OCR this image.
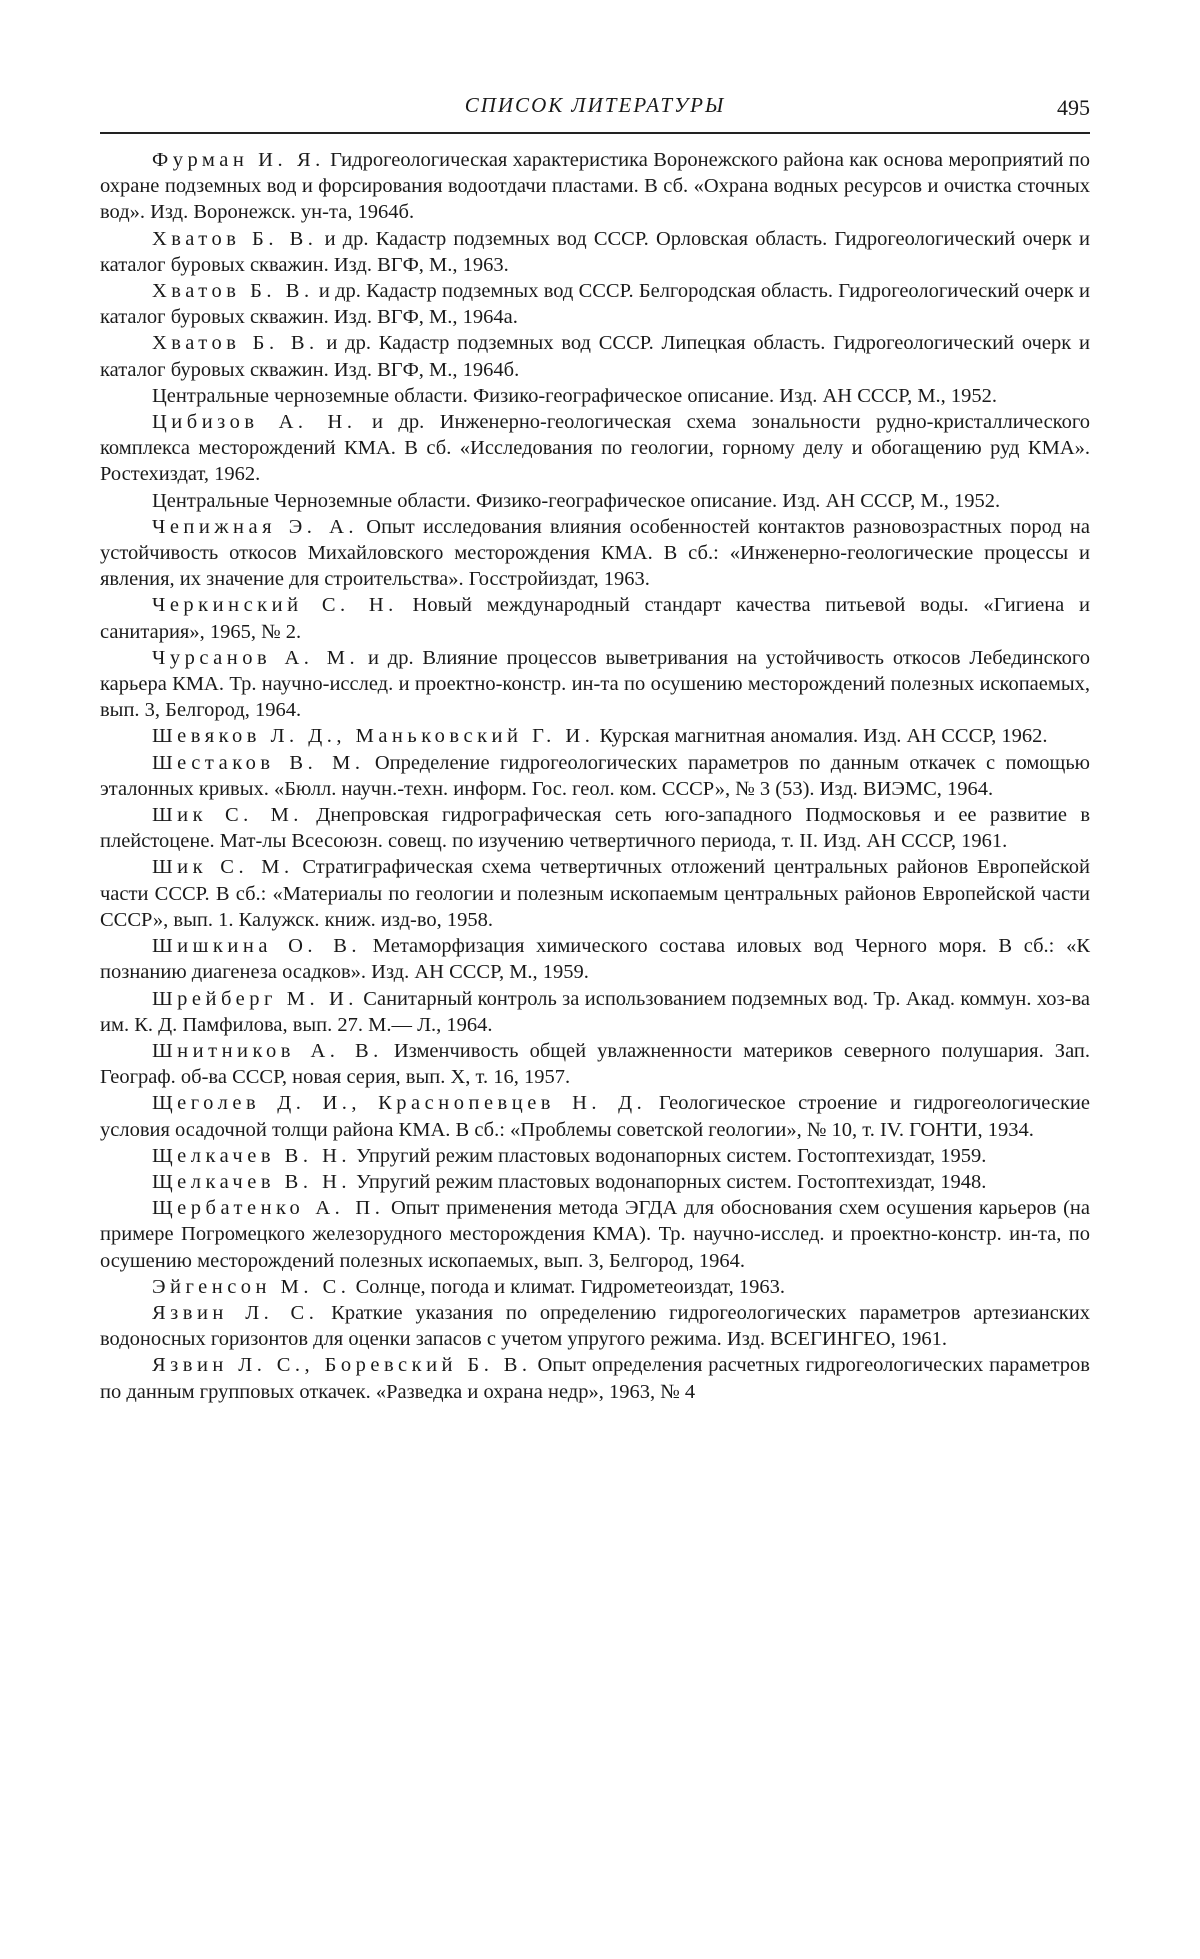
СПИСОК ЛИТЕРАТУРЫ	495
Фурман И. Я. Гидрогеологическая характеристика Воронежского района как основа мероприятий по охране подземных вод и форсирования водоотдачи пластами. В сб. «Охрана водных ресурсов и очистка сточных вод». Изд. Воронежск. ун-та, 1964б.
Хватов Б. В. и др. Кадастр подземных вод СССР. Орловская область. Гидрогеологический очерк и каталог буровых скважин. Изд. ВГФ, М., 1963.
Хватов Б. В. и др. Кадастр подземных вод СССР. Белгородская область. Гидрогеологический очерк и каталог буровых скважин. Изд. ВГФ, М., 1964а.
Хватов Б. В. и др. Кадастр подземных вод СССР. Липецкая область. Гидрогеологический очерк и каталог буровых скважин. Изд. ВГФ, М., 1964б.
Центральные черноземные области. Физико-географическое описание. Изд. АН СССР, М., 1952.
Цибизов А. Н. и др. Инженерно-геологическая схема зональности рудно-кристаллического комплекса месторождений КМА. В сб. «Исследования по геологии, горному делу и обогащению руд КМА». Ростехиздат, 1962.
Центральные Черноземные области. Физико-географическое описание. Изд. АН СССР, М., 1952.
Чепижная Э. А. Опыт исследования влияния особенностей контактов разновозрастных пород на устойчивость откосов Михайловского месторождения КМА. В сб.: «Инженерно-геологические процессы и явления, их значение для строительства». Госстройиздат, 1963.
Черкинский С. Н. Новый международный стандарт качества питьевой воды. «Гигиена и санитария», 1965, № 2.
Чурсанов А. М. и др. Влияние процессов выветривания на устойчивость откосов Лебединского карьера КМА. Тр. научно-исслед. и проектно-констр. ин-та по осушению месторождений полезных ископаемых, вып. 3, Белгород, 1964.
Шевяков Л. Д., Маньковский Г. И. Курская магнитная аномалия. Изд. АН СССР, 1962.
Шестаков В. М. Определение гидрогеологических параметров по данным откачек с помощью эталонных кривых. «Бюлл. научн.-техн. информ. Гос. геол. ком. СССР», № 3 (53). Изд. ВИЭМС, 1964.
Шик С. М. Днепровская гидрографическая сеть юго-западного Подмосковья и ее развитие в плейстоцене. Мат-лы Всесоюзн. совещ. по изучению четвертичного периода, т. II. Изд. АН СССР, 1961.
Шик С. М. Стратиграфическая схема четвертичных отложений центральных районов Европейской части СССР. В сб.: «Материалы по геологии и полезным ископаемым центральных районов Европейской части СССР», вып. 1. Калужск. книж. изд-во, 1958.
Шишкина О. В. Метаморфизация химического состава иловых вод Черного моря. В сб.: «К познанию диагенеза осадков». Изд. АН СССР, М., 1959.
Шрейберг М. И. Санитарный контроль за использованием подземных вод. Тр. Акад. коммун. хоз-ва им. К. Д. Памфилова, вып. 27. М.— Л., 1964.
Шнитников А. В. Изменчивость общей увлажненности материков северного полушария. Зап. Географ. об-ва СССР, новая серия, вып. X, т. 16, 1957.
Щеголев Д. И., Краснопевцев Н. Д. Геологическое строение и гидрогеологические условия осадочной толщи района КМА. В сб.: «Проблемы советской геологии», № 10, т. IV. ГОНТИ, 1934.
Щелкачев В. Н. Упругий режим пластовых водонапорных систем. Гостоптехиздат, 1959.
Щелкачев В. Н. Упругий режим пластовых водонапорных систем. Гостоптехиздат, 1948.
Щербатенко А. П. Опыт применения метода ЭГДА для обоснования схем осушения карьеров (на примере Погромецкого железорудного месторождения КМА). Тр. научно-исслед. и проектно-констр. ин-та, по осушению месторождений полезных ископаемых, вып. 3, Белгород, 1964.
Эйгенсон М. С. Солнце, погода и климат. Гидрометеоиздат, 1963.
Язвин Л. С. Краткие указания по определению гидрогеологических параметров артезианских водоносных горизонтов для оценки запасов с учетом упругого режима. Изд. ВСЕГИНГЕО, 1961.
Язвин Л. С., Боревский Б. В. Опыт определения расчетных гидрогеологических параметров по данным групповых откачек. «Разведка и охрана недр», 1963, № 4
